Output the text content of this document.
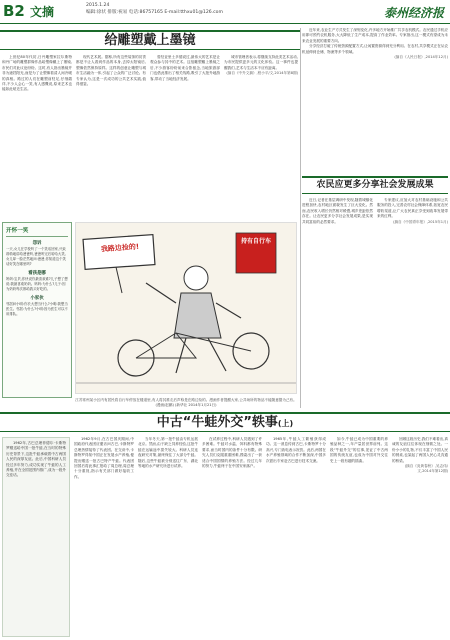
B2 文摘	2015.1.24
编辑:徐状 排版:祝易 电话:86757165 E-mail:tthxu01@126.com	泰州经济报
给雕塑戴上墨镜

上世纪80年代初,日丹雕塑家拉尔斯特和丹广场的雕塑群像作品给塑像戴上了墨镜,市民们对此议论纷纷。这时,有人指出墨镜并非为遮挡阳光,而是为了让塑像看清人间冷暖的真相。路过的人们在雕塑前驻足,仔细端详,不少人会心一笑,有人感慨说,原来艺术也能如此贴近生活。

现代艺术展。据称,所有这些装饰的初衷都是不让人看到作品的本身,去掉太阳镜后,塑像依然保持原样。这样的创意让雕塑与城市生活融为一体,引起了公众的广泛讨论。有专家认为,这是一次成功的公共艺术实践,值得借鉴。

曾经亚里士多德说过,最伟大的艺术是让观众参与其中的艺术。这组雕塑戴上墨镜之后,不少游客纷纷前来合影留念,当地旅游部门也借此推出了相关线路,吸引了大批外地游客,带动了当地经济发展。

城市管理者表示,将继续支持此类艺术活动,为市民提供更多元的文化体验。这一事件也提醒我们,艺术与生活本不应有距离。

(摘自《中外文摘》,程小平/文,2014年第8期)
开怀一笑
怨诉
一天,女儿在学校听了一个笑话回家,兴致勃勃地讲给爸爸听,爸爸听完后哈哈大笑,女儿却一脸茫然地问:爸爸,你知道这个笑话好笑在哪里吗?
看孩是哪
妈妈:宝贝,你快说你最喜欢谁?儿子想了想说:我最喜欢奶奶。妈妈:为什么?儿子:因为奶奶每次都给我买好吃的。
小家伙
邻居问小明:你长大想当什么?小明:我想当医生。邻居:为什么?小明:因为医生可以不用排队。
我路边捡的!
持有自行车
江苏常州某小区内有居民将自行车停放在楼道里,有人将其推走后声称是在路边捡的。漫画作者提醒大家,公共场所的物品不能随意据为己有。(漫画/赵鹏) (新华社 2014年1月21日)

近年来,农业生产方式发生了深刻变化,许多地方开始推广共享农机模式。农民通过手机应用即可预约农机服务,大大降低了生产成本,提高了作业效率。专家指出,这一模式有望成为未来农业发展的重要方向。

分享经济打破了传统资源配置方式,让闲置资源得到充分利用。在农村,共享模式正在从农机延伸到仓储、物流等多个领域。

(摘自《人民日报》,2014年12月)
农民应更多分享社会发展成果

近日,记者在基层调研中发现,随着城镇化进程加快,农村地区面貌发生了巨大变化。然而,农民收入增长仍然相对缓慢,城乡差距依然存在。让农民更多分享社会发展成果,是实现共同富裕的必然要求。

专家建议,应加大对农村基础设施和公共服务的投入,完善农村社会保障体系,拓宽农民增收渠道,让广大农民真正享受到改革发展带来的红利。

(摘自《中国青年报》,2015年1月)
中古“牛蛙外交”轶事(上)

1962年,古巴总理菲德尔·卡斯特罗赠送给中国一批牛蛙,在当时的特殊历史背景下,这批牛蛙承载着中古两国人民的深厚友谊。此后,中国科研人员经过多年努力,成功实现了牛蛙的人工养殖,并在全国范围内推广,成为一段外交佳话。

1962年9月,在古巴国庆期间,中国政府代表团应邀访问古巴,卡斯特罗总理热情接待了代表团。在交谈中,卡斯特罗得知中国正在发展水产养殖,便提出赠送一批古巴特产牛蛙。代表团回国后将此事汇报给了周总理,周总理十分重视,指示有关部门做好接收工作。

当年冬天,第一批牛蛙由专机运抵北京。然而,由于缺乏饲养经验,这批牛蛙在运输途中损失较大。科研人员连夜研究对策,最终保住了大部分牛蛙。随后,这些牛蛙被分别送往广东、湖北等地的水产研究所进行试养。

在试养过程中,科研人员遇到了许多困难。牛蛙对水温、饵料都有特殊要求,而当时国内的条件十分有限。研究人员们克服重重困难,摸索出了一套适合中国国情的养殖方法。经过几年的努力,牛蛙终于在中国安家落户。

1965年,牛蛙人工繁殖获得成功。这一消息传到古巴,卡斯特罗十分高兴,专门致电表示祝贺。此后,两国在水产养殖领域的合作不断加深,中国多次派出专家赴古巴进行技术交流。

如今,牛蛙已成为中国重要的养殖品种之一,年产量居世界前列。这段“牛蛙外交”的往事,见证了中古两国的传统友谊,也成为中国对外交往史上一段有趣的插曲。

回顾这段历史,我们不难看出,真诚的友谊往往体现在细微之处。一份小小的礼物,不仅丰富了中国人民的餐桌,也架起了两国人民心灵沟通的桥梁。

(摘自《炎黄春秋》,吴志伟/文,2014年第12期)
